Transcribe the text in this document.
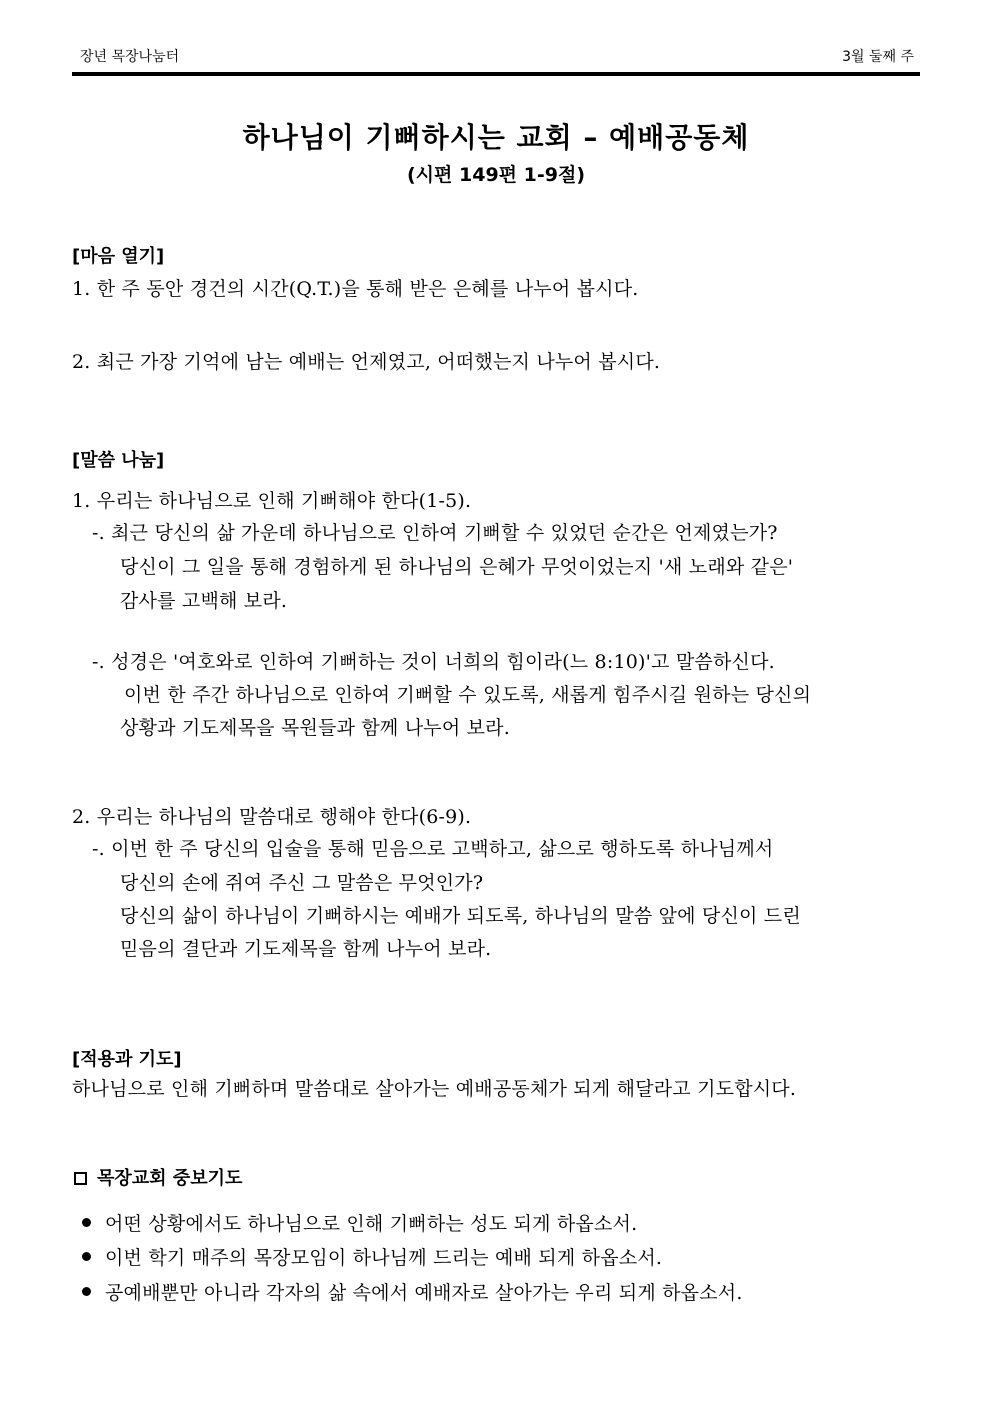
장년 목장나눔터	3월 둘째 주
하나님이 기뻐하시는 교회 – 예배공동체
(시편 149편 1-9절)
[마음 열기]
1. 한 주 동안 경건의 시간(Q.T.)을 통해 받은 은혜를 나누어 봅시다.
2. 최근 가장 기억에 남는 예배는 언제였고, 어떠했는지 나누어 봅시다.
[말씀 나눔]
1. 우리는 하나님으로 인해 기뻐해야 한다(1-5).
-. 최근 당신의 삶 가운데 하나님으로 인하여 기뻐할 수 있었던 순간은 언제였는가?
당신이 그 일을 통해 경험하게 된 하나님의 은혜가 무엇이었는지 '새 노래와 같은'
감사를 고백해 보라.
-. 성경은 '여호와로 인하여 기뻐하는 것이 너희의 힘이라(느 8:10)'고 말씀하신다.
이번 한 주간 하나님으로 인하여 기뻐할 수 있도록, 새롭게 힘주시길 원하는 당신의
상황과 기도제목을 목원들과 함께 나누어 보라.
2. 우리는 하나님의 말씀대로 행해야 한다(6-9).
-. 이번 한 주 당신의 입술을 통해 믿음으로 고백하고, 삶으로 행하도록 하나님께서
당신의 손에 쥐여 주신 그 말씀은 무엇인가?
당신의 삶이 하나님이 기뻐하시는 예배가 되도록, 하나님의 말씀 앞에 당신이 드린
믿음의 결단과 기도제목을 함께 나누어 보라.
[적용과 기도]
하나님으로 인해 기뻐하며 말씀대로 살아가는 예배공동체가 되게 해달라고 기도합시다.
목장교회 중보기도
어떤 상황에서도 하나님으로 인해 기뻐하는 성도 되게 하옵소서.
이번 학기 매주의 목장모임이 하나님께 드리는 예배 되게 하옵소서.
공예배뿐만 아니라 각자의 삶 속에서 예배자로 살아가는 우리 되게 하옵소서.
